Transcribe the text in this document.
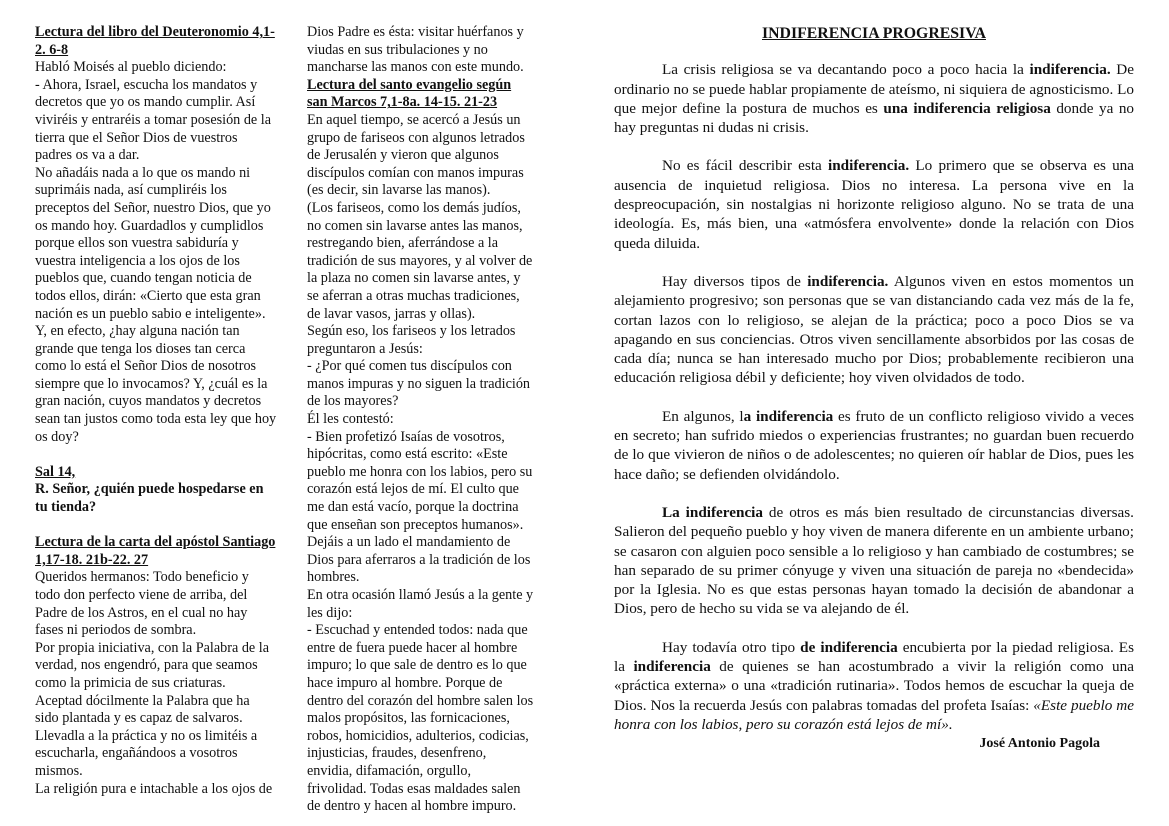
Lectura del libro del Deuteronomio 4,1-
2. 6-8
Habló Moisés al pueblo diciendo:
- Ahora, Israel, escucha los mandatos y
decretos que yo os mando cumplir. Así
viviréis y entraréis a tomar posesión de la
tierra que el Señor Dios de vuestros
padres os va a dar.
No añadáis nada a lo que os mando ni
suprimáis nada, así cumpliréis los
preceptos del Señor, nuestro Dios, que yo
os mando hoy. Guardadlos y cumplidlos
porque ellos son vuestra sabiduría y
vuestra inteligencia a los ojos de los
pueblos que, cuando tengan noticia de
todos ellos, dirán: «Cierto que esta gran
nación es un pueblo sabio e inteligente».
Y, en efecto, ¿hay alguna nación tan
grande que tenga los dioses tan cerca
como lo está el Señor Dios de nosotros
siempre que lo invocamos? Y, ¿cuál es la
gran nación, cuyos mandatos y decretos
sean tan justos como toda esta ley que hoy
os doy?
Sal 14,
R. Señor, ¿quién puede hospedarse en
tu tienda?
Lectura de la carta del apóstol Santiago
1,17-18. 21b-22. 27
Queridos hermanos: Todo beneficio y
todo don perfecto viene de arriba, del
Padre de los Astros, en el cual no hay
fases ni periodos de sombra.
Por propia iniciativa, con la Palabra de la
verdad, nos engendró, para que seamos
como la primicia de sus criaturas.
Aceptad dócilmente la Palabra que ha
sido plantada y es capaz de salvaros.
Llevadla a la práctica y no os limitéis a
escucharla, engañándoos a vosotros
mismos.
La religión pura e intachable a los ojos de
Dios Padre es ésta: visitar huérfanos y
viudas en sus tribulaciones y no
mancharse las manos con este mundo.
Lectura del santo evangelio según
san Marcos 7,1-8a. 14-15. 21-23
En aquel tiempo, se acercó a Jesús un
grupo de fariseos con algunos letrados
de Jerusalén y vieron que algunos
discípulos comían con manos impuras
(es decir, sin lavarse las manos).
(Los fariseos, como los demás judíos,
no comen sin lavarse antes las manos,
restregando bien, aferrándose a la
tradición de sus mayores, y al volver de
la plaza no comen sin lavarse antes, y
se aferran a otras muchas tradiciones,
de lavar vasos, jarras y ollas).
Según eso, los fariseos y los letrados
preguntaron a Jesús:
- ¿Por qué comen tus discípulos con
manos impuras y no siguen la tradición
de los mayores?
Él les contestó:
- Bien profetizó Isaías de vosotros,
hipócritas, como está escrito: «Este
pueblo me honra con los labios, pero su
corazón está lejos de mí. El culto que
me dan está vacío, porque la doctrina
que enseñan son preceptos humanos».
Dejáis a un lado el mandamiento de
Dios para aferraros a la tradición de los
hombres.
En otra ocasión llamó Jesús a la gente y
les dijo:
- Escuchad y entended todos: nada que
entre de fuera puede hacer al hombre
impuro; lo que sale de dentro es lo que
hace impuro al hombre. Porque de
dentro del corazón del hombre salen los
malos propósitos, las fornicaciones,
robos, homicidios, adulterios, codicias,
injusticias, fraudes, desenfreno,
envidia, difamación, orgullo,
frivolidad. Todas esas maldades salen
de dentro y hacen al hombre impuro.
INDIFERENCIA PROGRESIVA

La crisis religiosa se va decantando poco a poco hacia la indiferencia. De ordinario no se puede hablar propiamente de ateísmo, ni siquiera de agnosticismo. Lo que mejor define la postura de muchos es una indiferencia religiosa donde ya no hay preguntas ni dudas ni crisis.

No es fácil describir esta indiferencia. Lo primero que se observa es una ausencia de inquietud religiosa. Dios no interesa. La persona vive en la despreocupación, sin nostalgias ni horizonte religioso alguno. No se trata de una ideología. Es, más bien, una «atmósfera envolvente» donde la relación con Dios queda diluida.

Hay diversos tipos de indiferencia. Algunos viven en estos momentos un alejamiento progresivo; son personas que se van distanciando cada vez más de la fe, cortan lazos con lo religioso, se alejan de la práctica; poco a poco Dios se va apagando en sus conciencias. Otros viven sencillamente absorbidos por las cosas de cada día; nunca se han interesado mucho por Dios; probablemente recibieron una educación religiosa débil y deficiente; hoy viven olvidados de todo.

En algunos, la indiferencia es fruto de un conflicto religioso vivido a veces en secreto; han sufrido miedos o experiencias frustrantes; no guardan buen recuerdo de lo que vivieron de niños o de adolescentes; no quieren oír hablar de Dios, pues les hace daño; se defienden olvidándolo.

La indiferencia de otros es más bien resultado de circunstancias diversas. Salieron del pequeño pueblo y hoy viven de manera diferente en un ambiente urbano; se casaron con alguien poco sensible a lo religioso y han cambiado de costumbres; se han separado de su primer cónyuge y viven una situación de pareja no «bendecida» por la Iglesia. No es que estas personas hayan tomado la decisión de abandonar a Dios, pero de hecho su vida se va alejando de él.

Hay todavía otro tipo de indiferencia encubierta por la piedad religiosa. Es la indiferencia de quienes se han acostumbrado a vivir la religión como una «práctica externa» o una «tradición rutinaria». Todos hemos de escuchar la queja de Dios. Nos la recuerda Jesús con palabras tomadas del profeta Isaías: «Este pueblo me honra con los labios, pero su corazón está lejos de mí».
José Antonio Pagola
